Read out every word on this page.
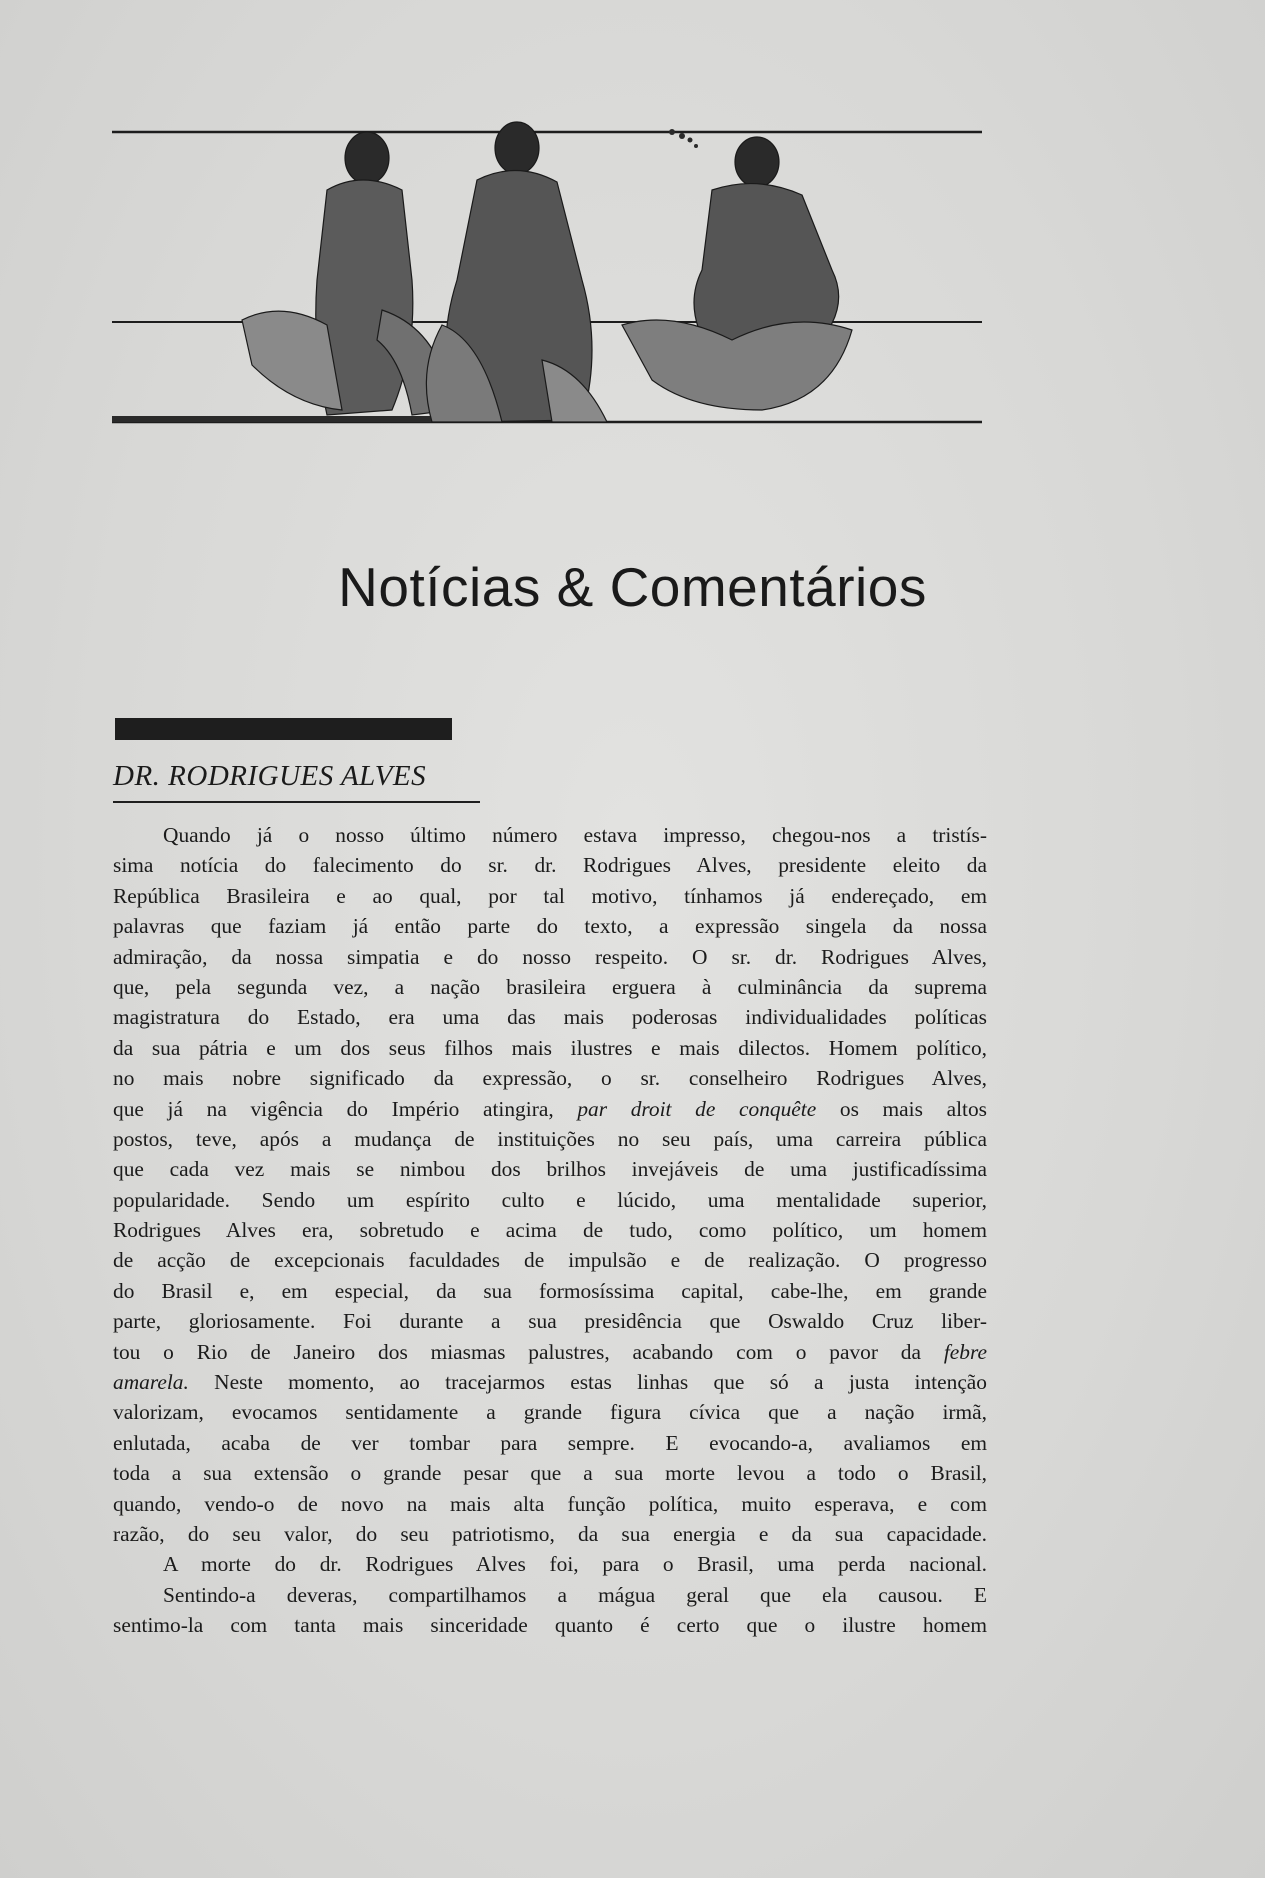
Notícias & Comentários
DR. RODRIGUES ALVES
Quando já o nosso último número estava impresso, chegou-nos a tristís-
sima notícia do falecimento do sr. dr. Rodrigues Alves, presidente eleito da
República Brasileira e ao qual, por tal motivo, tínhamos já endereçado, em
palavras que faziam já então parte do texto, a expressão singela da nossa
admiração, da nossa simpatia e do nosso respeito. O sr. dr. Rodrigues Alves,
que, pela segunda vez, a nação brasileira erguera à culminância da suprema
magistratura do Estado, era uma das mais poderosas individualidades políticas
da sua pátria e um dos seus filhos mais ilustres e mais dilectos. Homem político,
no mais nobre significado da expressão, o sr. conselheiro Rodrigues Alves,
que já na vigência do Império atingira, par droit de conquête os mais altos
postos, teve, após a mudança de instituições no seu país, uma carreira pública
que cada vez mais se nimbou dos brilhos invejáveis de uma justificadíssima
popularidade. Sendo um espírito culto e lúcido, uma mentalidade superior,
Rodrigues Alves era, sobretudo e acima de tudo, como político, um homem
de acção de excepcionais faculdades de impulsão e de realização. O progresso
do Brasil e, em especial, da sua formosíssima capital, cabe-lhe, em grande
parte, gloriosamente. Foi durante a sua presidência que Oswaldo Cruz liber-
tou o Rio de Janeiro dos miasmas palustres, acabando com o pavor da febre
amarela. Neste momento, ao tracejarmos estas linhas que só a justa intenção
valorizam, evocamos sentidamente a grande figura cívica que a nação irmã,
enlutada, acaba de ver tombar para sempre. E evocando-a, avaliamos em
toda a sua extensão o grande pesar que a sua morte levou a todo o Brasil,
quando, vendo-o de novo na mais alta função política, muito esperava, e com
razão, do seu valor, do seu patriotismo, da sua energia e da sua capacidade.
A morte do dr. Rodrigues Alves foi, para o Brasil, uma perda nacional.
Sentindo-a deveras, compartilhamos a mágua geral que ela causou. E
sentimo-la com tanta mais sinceridade quanto é certo que o ilustre homem
